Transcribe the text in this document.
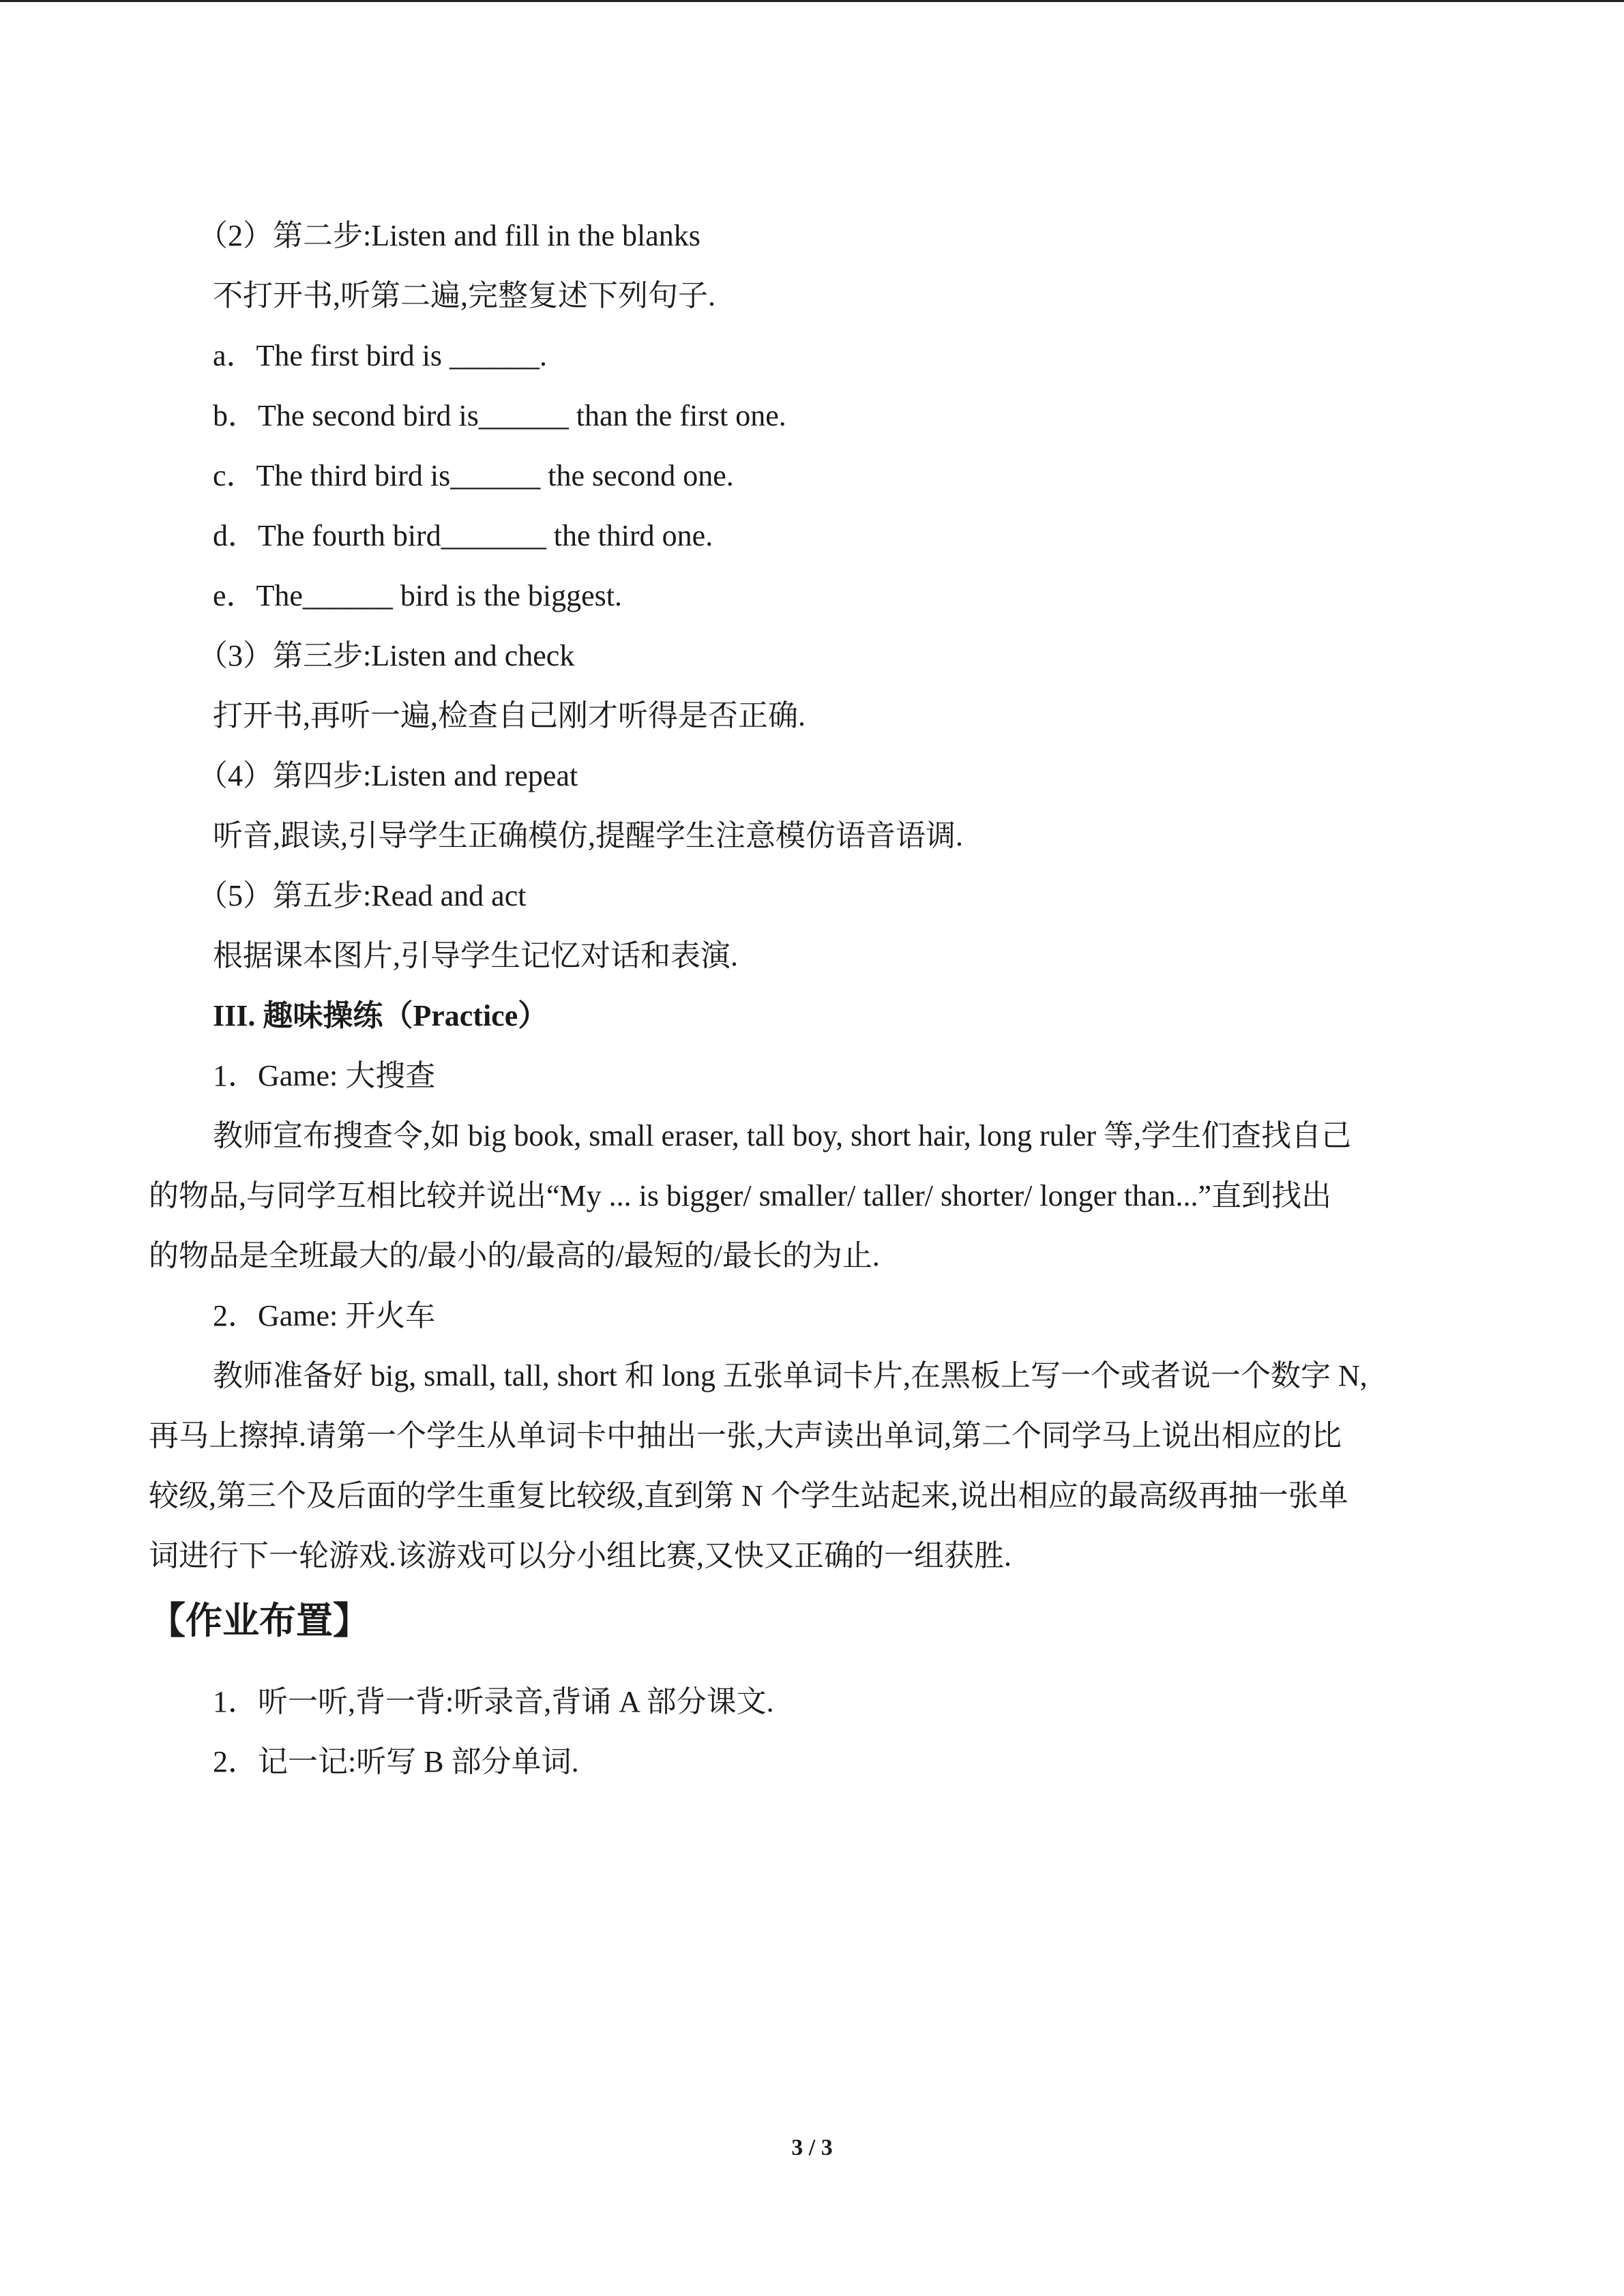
（2）第二步:Listen and fill in the blanks
不打开书,听第二遍,完整复述下列句子.
a．The first bird is ______.
b．The second bird is______ than the first one.
c．The third bird is______ the second one.
d．The fourth bird_______ the third one.
e．The______ bird is the biggest.
（3）第三步:Listen and check
打开书,再听一遍,检查自己刚才听得是否正确.
（4）第四步:Listen and repeat
听音,跟读,引导学生正确模仿,提醒学生注意模仿语音语调.
（5）第五步:Read and act
根据课本图片,引导学生记忆对话和表演.
III. 趣味操练（Practice）
1．Game: 大搜查
教师宣布搜查令,如 big book, small eraser, tall boy, short hair, long ruler 等,学生们查找自己
的物品,与同学互相比较并说出“My ... is bigger/ smaller/ taller/ shorter/ longer than...”直到找出
的物品是全班最大的/最小的/最高的/最短的/最长的为止.
2．Game: 开火车
教师准备好 big, small, tall, short 和 long 五张单词卡片,在黑板上写一个或者说一个数字 N,
再马上擦掉.请第一个学生从单词卡中抽出一张,大声读出单词,第二个同学马上说出相应的比
较级,第三个及后面的学生重复比较级,直到第 N 个学生站起来,说出相应的最高级再抽一张单
词进行下一轮游戏.该游戏可以分小组比赛,又快又正确的一组获胜.
【作业布置】
1．听一听,背一背:听录音,背诵 A 部分课文.
2．记一记:听写 B 部分单词.
3 / 3
